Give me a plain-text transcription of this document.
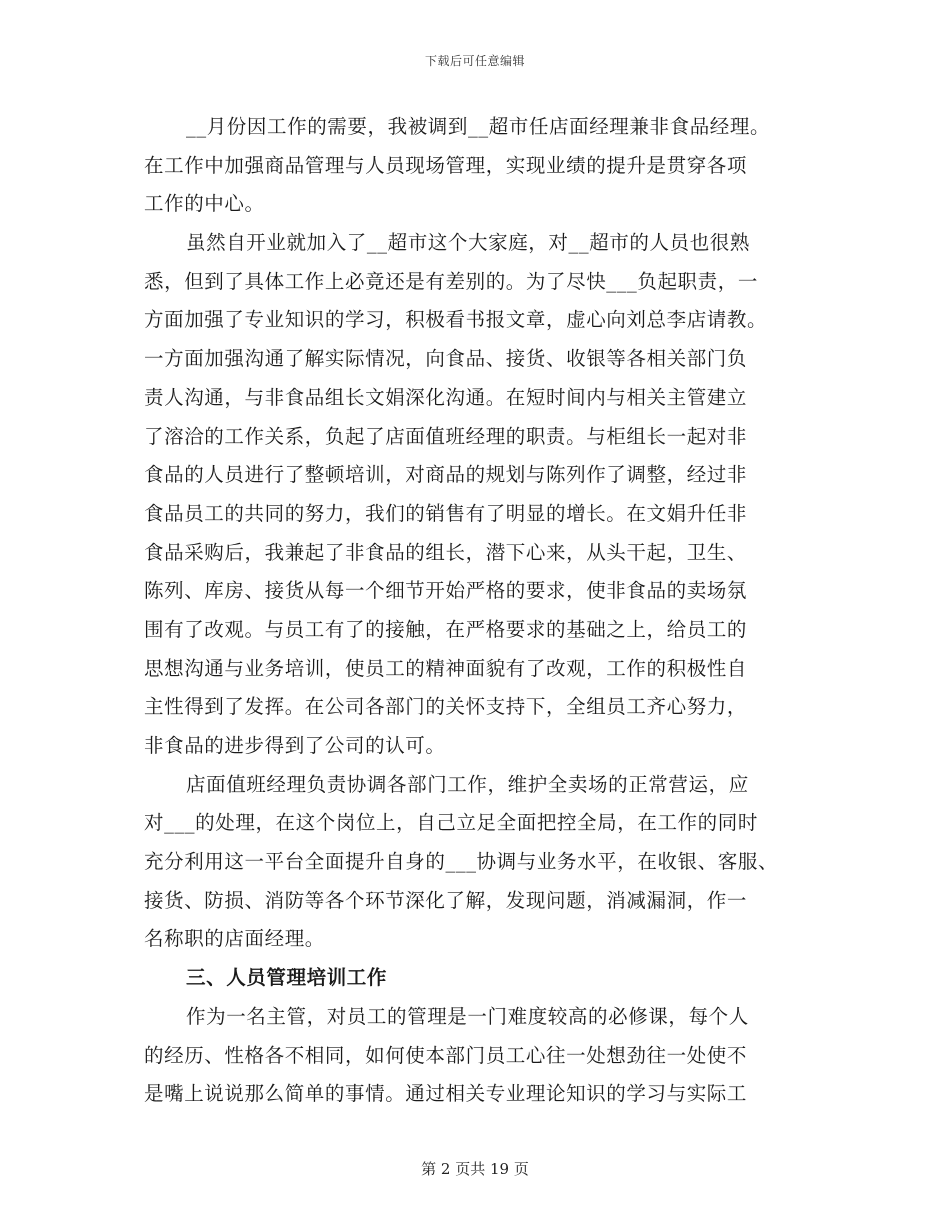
下载后可任意编辑
__月份因工作的需要，我被调到__超市任店面经理兼非食品经理。
在工作中加强商品管理与人员现场管理，实现业绩的提升是贯穿各项
工作的中心。
虽然自开业就加入了__超市这个大家庭，对__超市的人员也很熟
悉，但到了具体工作上必竟还是有差别的。为了尽快___负起职责，一
方面加强了专业知识的学习，积极看书报文章，虚心向刘总李店请教。
一方面加强沟通了解实际情况，向食品、接货、收银等各相关部门负
责人沟通，与非食品组长文娟深化沟通。在短时间内与相关主管建立
了溶洽的工作关系，负起了店面值班经理的职责。与柜组长一起对非
食品的人员进行了整顿培训，对商品的规划与陈列作了调整，经过非
食品员工的共同的努力，我们的销售有了明显的增长。在文娟升任非
食品采购后，我兼起了非食品的组长，潜下心来，从头干起，卫生、
陈列、库房、接货从每一个细节开始严格的要求，使非食品的卖场氛
围有了改观。与员工有了的接触，在严格要求的基础之上，给员工的
思想沟通与业务培训，使员工的精神面貌有了改观，工作的积极性自
主性得到了发挥。在公司各部门的关怀支持下，全组员工齐心努力，
非食品的进步得到了公司的认可。
店面值班经理负责协调各部门工作，维护全卖场的正常营运，应
对___的处理，在这个岗位上，自己立足全面把控全局，在工作的同时
充分利用这一平台全面提升自身的___协调与业务水平，在收银、客服、
接货、防损、消防等各个环节深化了解，发现问题，消减漏洞，作一
名称职的店面经理。
三、人员管理培训工作
作为一名主管，对员工的管理是一门难度较高的必修课，每个人
的经历、性格各不相同，如何使本部门员工心往一处想劲往一处使不
是嘴上说说那么简单的事情。通过相关专业理论知识的学习与实际工
第 2 页共 19 页
